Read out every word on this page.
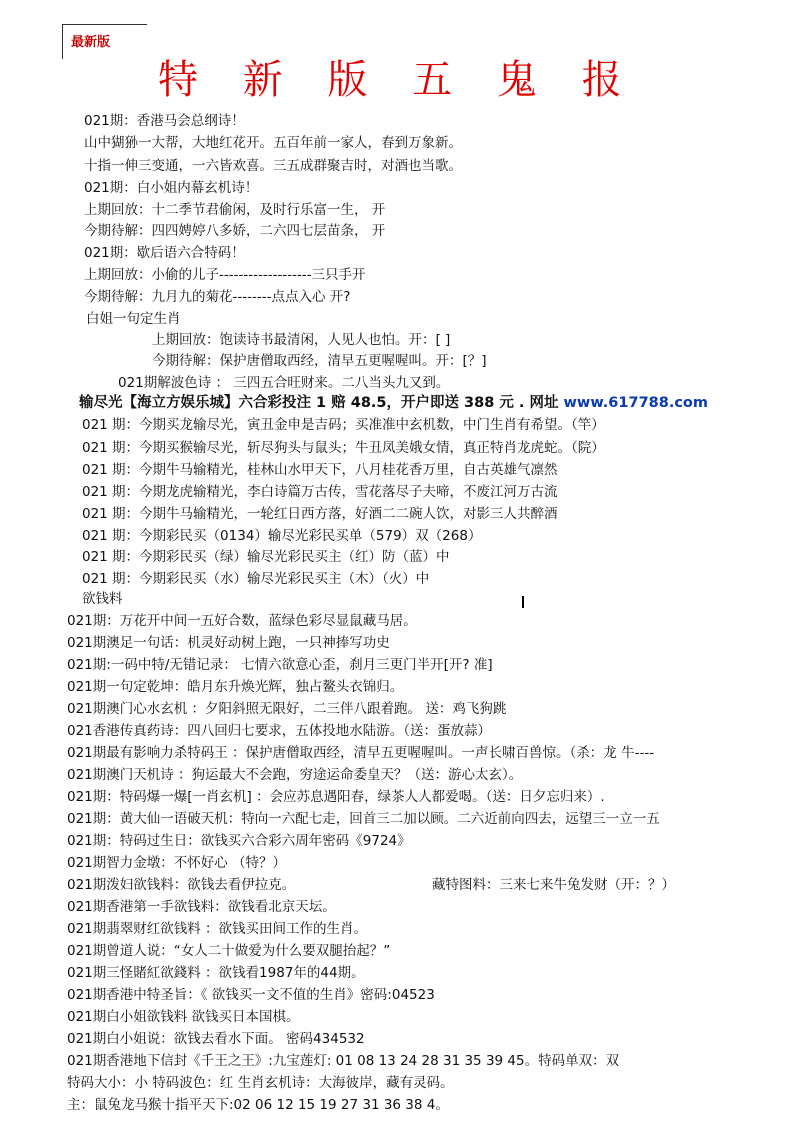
最新版
特 新 版 五 鬼 报
021期：香港马会总纲诗！
山中猢狲一大帮，大地红花开。五百年前一家人，春到万象新。
十指一伸三变通，一六皆欢喜。三五成群聚吉时，对酒也当歌。
021期：白小姐内幕玄机诗！
上期回放：十二季节君偷闲，及时行乐富一生， 开
今期待解：四四娉婷八多娇，二六四七层苗条， 开
021期：歇后语六合特码！
上期回放：小偷的儿子-------------------三只手开
今期待解：九月九的菊花--------点点入心 开?
白姐一句定生肖
上期回放：饱读诗书最清闲，人见人也怕。开：[ ]
今期待解：保护唐僧取西经，清早五更喔喔叫。开：[？]
021期解波色诗 ： 三四五合旺财来。二八当头九又到。
输尽光【海立方娱乐城】六合彩投注 1 赔 48.5，开户即送 388 元 . 网址 www.617788.com
021 期：今期买龙输尽光，寅丑金申是吉码；买准准中玄机数，中门生肖有希望。（竿）
021 期：今期买猴输尽光，斩尽狗头与鼠头；牛丑凤美娥女情，真正特肖龙虎蛇。（院）
021 期：今期牛马输精光，桂林山水甲天下，八月桂花香万里，自古英雄气凛然
021 期：今期龙虎输精光，李白诗篇万古传，雪花落尽子夫啼，不废江河万古流
021 期：今期牛马输精光，一轮红日西方落，好酒二二碗人饮，对影三人共醉酒
021 期：今期彩民买（0134）输尽光彩民买单（579）双（268）
021 期：今期彩民买（绿）输尽光彩民买主（红）防（蓝）中
021 期：今期彩民买（水）输尽光彩民买主（木）（火）中
欲钱料
021期：万花开中间一五好合数，蓝绿色彩尽显鼠藏马居。
021期澳足一句话：机灵好动树上跑，一只神捧写功史
021期:一码中特/无错记录： 七情六欲意心歪，刹月三更门半开[开? 准]
021期一句定乾坤：皓月东升焕光辉，独占鳌头衣锦归。
021期澳门心水玄机 ：夕阳斜照无限好，二三伴八跟着跑。 送：鸡飞狗跳
021香港传真药诗：四八回归七要求，五体投地水陆游。（送：蛋放蒜）
021期最有影响力杀特码王 ：保护唐僧取西经，清早五更喔喔叫。一声长啸百兽惊。（杀：龙 牛----
021期澳门天机诗 ：狗运最大不会跑，穷途运命委皇天？（送：游心太玄）。
021期：特码爆一爆[一肖玄机] ：会应苏息遇阳春，绿茶人人都爱喝。（送：日夕忘归来）.
021期：黄大仙一语破天机：特向一六配七走，回首三二加以顾。二六近前向四去，远望三一立一五
021期：特码过生日：欲钱买六合彩六周年密码《9724》
021期智力金墩：不怀好心 （特？）
021期泼妇欲钱料：欲钱去看伊拉克。	藏特图料：三来七来牛兔发财（开：？）
021期香港第一手欲钱料：欲钱看北京天坛。
021期翡翠财红欲钱料 ：欲钱买田间工作的生肖。
021期曾道人说：“女人二十做爱为什么要双腿抬起？”
021期三怪賭紅欲錢料 ：欲钱看1987年的44期。
021期香港中特圣旨：《 欲钱买一文不值的生肖》密码:04523
021期白小姐欲钱料 欲钱买日本国棋。
021期白小姐说：欲钱去看水下面。 密码434532
021期香港地下信封《千王之王》:九宝莲灯: 01 08 13 24 28 31 35 39 45。特码单双：双
特码大小：小 特码波色：红 生肖玄机诗：大海彼岸，藏有灵码。
主：鼠兔龙马猴十指平天下:02 06 12 15 19 27 31 36 38 4。
